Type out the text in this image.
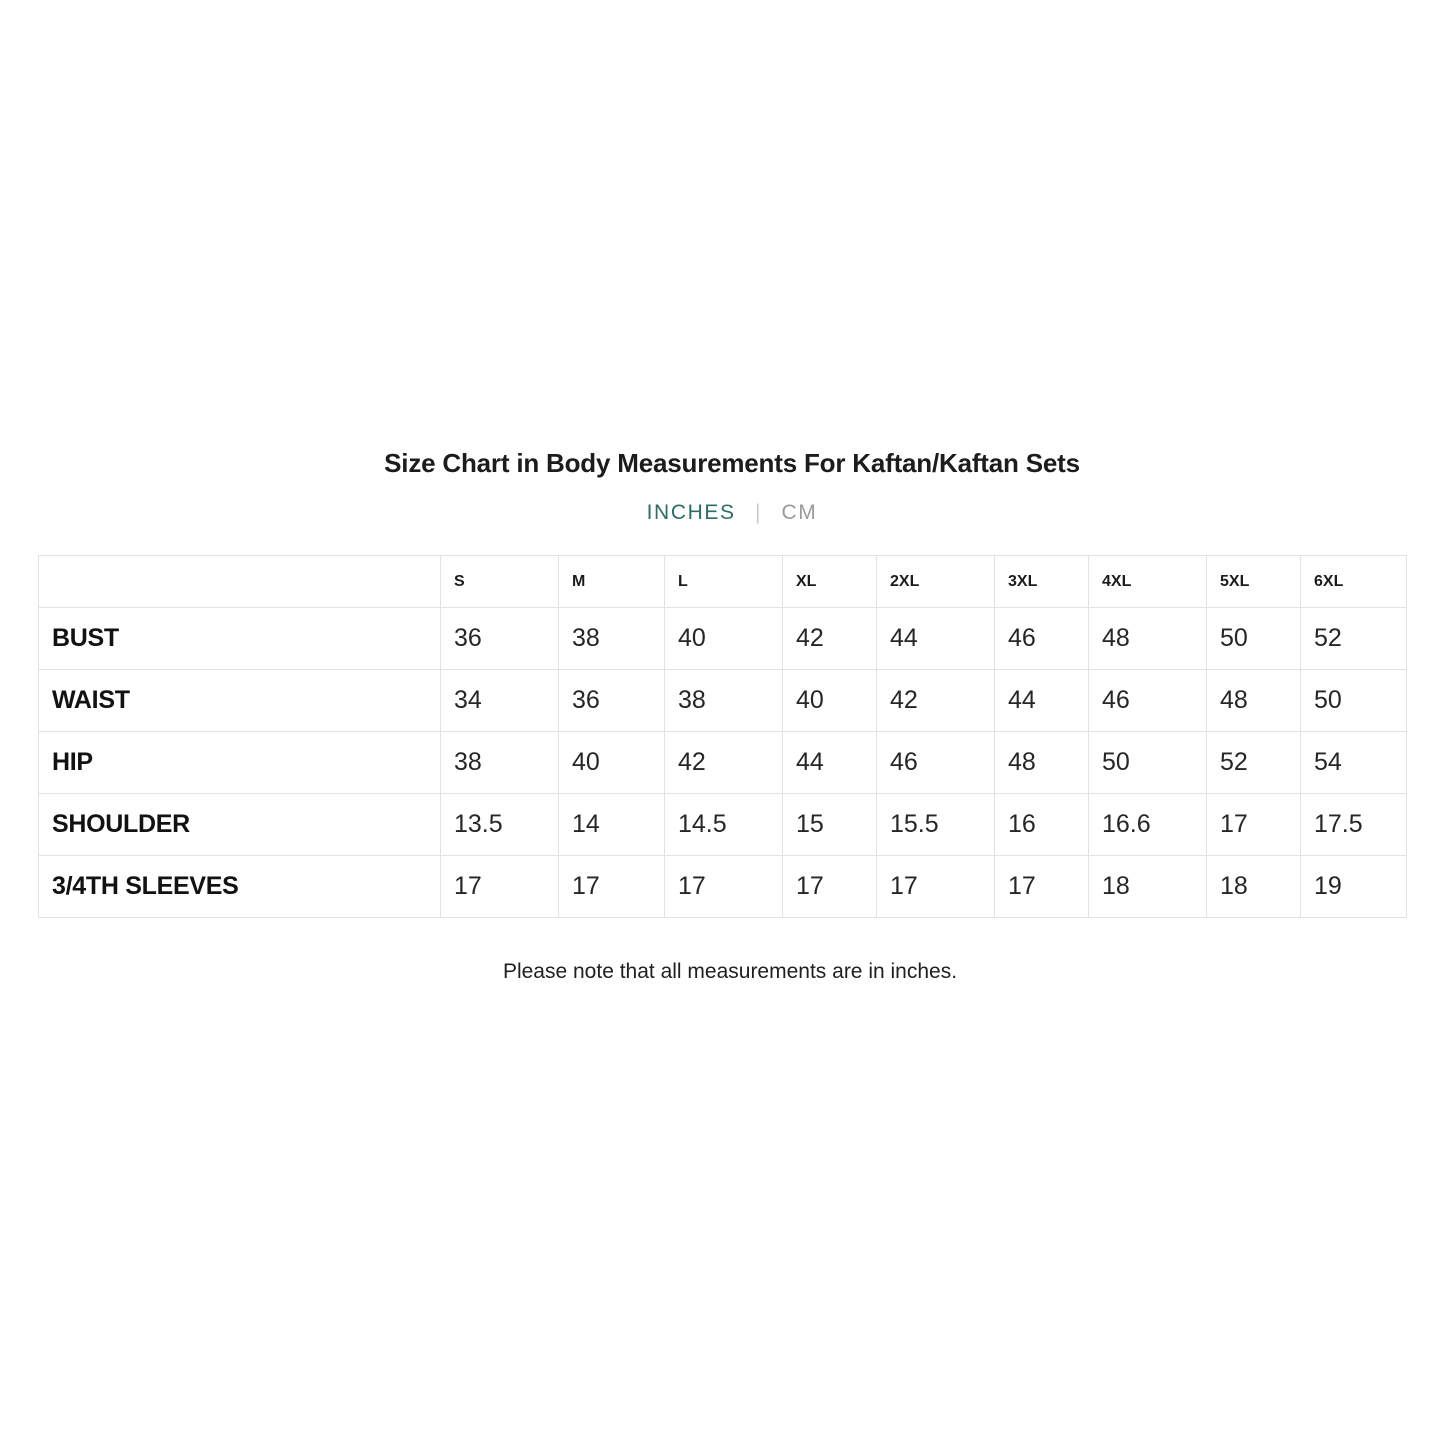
Size Chart in Body Measurements For Kaftan/Kaftan Sets
INCHES | CM
	S	M	L	XL	2XL	3XL	4XL	5XL	6XL
BUST	36	38	40	42	44	46	48	50	52
WAIST	34	36	38	40	42	44	46	48	50
HIP	38	40	42	44	46	48	50	52	54
SHOULDER	13.5	14	14.5	15	15.5	16	16.6	17	17.5
3/4TH SLEEVES	17	17	17	17	17	17	18	18	19
Please note that all measurements are in inches.
